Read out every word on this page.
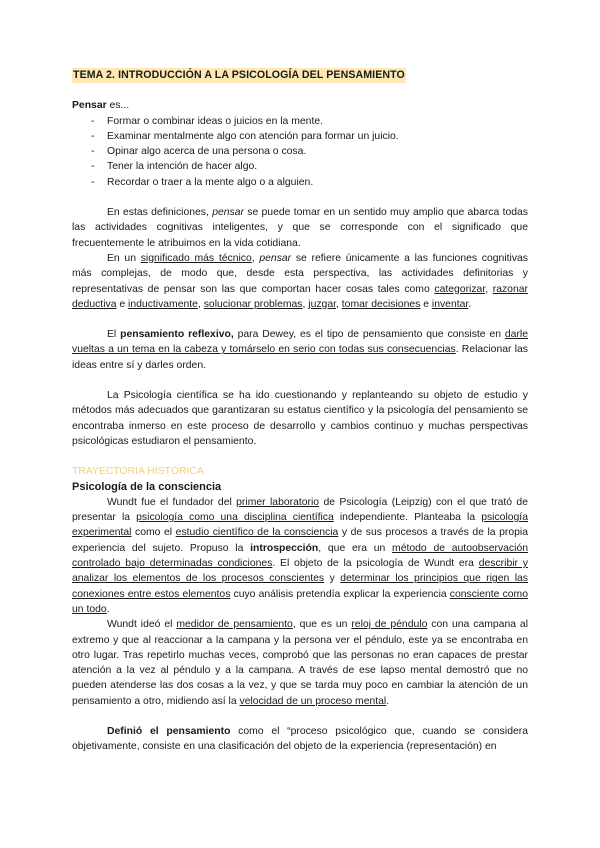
TEMA 2. INTRODUCCIÓN A LA PSICOLOGÍA DEL PENSAMIENTO
Pensar es...
- Formar o combinar ideas o juicios en la mente.
- Examinar mentalmente algo con atención para formar un juicio.
- Opinar algo acerca de una persona o cosa.
- Tener la intención de hacer algo.
- Recordar o traer a la mente algo o a alguien.

En estas definiciones, pensar se puede tomar en un sentido muy amplio que abarca todas las actividades cognitivas inteligentes, y que se corresponde con el significado que frecuentemente le atribuimos en la vida cotidiana.

En un significado más técnico, pensar se refiere únicamente a las funciones cognitivas más complejas, de modo que, desde esta perspectiva, las actividades definitorias y representativas de pensar son las que comportan hacer cosas tales como categorizar, razonar deductiva e inductivamente, solucionar problemas, juzgar, tomar decisiones e inventar.

El pensamiento reflexivo, para Dewey, es el tipo de pensamiento que consiste en darle vueltas a un tema en la cabeza y tomárselo en serio con todas sus consecuencias. Relacionar las ideas entre sí y darles orden.

La Psicología científica se ha ido cuestionando y replanteando su objeto de estudio y métodos más adecuados que garantizaran su estatus científico y la psicología del pensamiento se encontraba inmerso en este proceso de desarrollo y cambios continuo y muchas perspectivas psicológicas estudiaron el pensamiento.

TRAYECTORIA HISTÓRICA
Psicología de la consciencia

Wundt fue el fundador del primer laboratorio de Psicología (Leipzig) con el que trató de presentar la psicología como una disciplina científica independiente. Planteaba la psicología experimental como el estudio científico de la consciencia y de sus procesos a través de la propia experiencia del sujeto. Propuso la introspección, que era un método de autoobservación controlado bajo determinadas condiciones. El objeto de la psicología de Wundt era describir y analizar los elementos de los procesos conscientes y determinar los principios que rigen las conexiones entre estos elementos cuyo análisis pretendía explicar la experiencia consciente como un todo.

Wundt ideó el medidor de pensamiento, que es un reloj de péndulo con una campana al extremo y que al reaccionar a la campana y la persona ver el péndulo, este ya se encontraba en otro lugar. Tras repetirlo muchas veces, comprobó que las personas no eran capaces de prestar atención a la vez al péndulo y a la campana. A través de ese lapso mental demostró que no pueden atenderse las dos cosas a la vez, y que se tarda muy poco en cambiar la atención de un pensamiento a otro, midiendo así la velocidad de un proceso mental.

Definió el pensamiento como el “proceso psicológico que, cuando se considera objetivamente, consiste en una clasificación del objeto de la experiencia (representación) en
